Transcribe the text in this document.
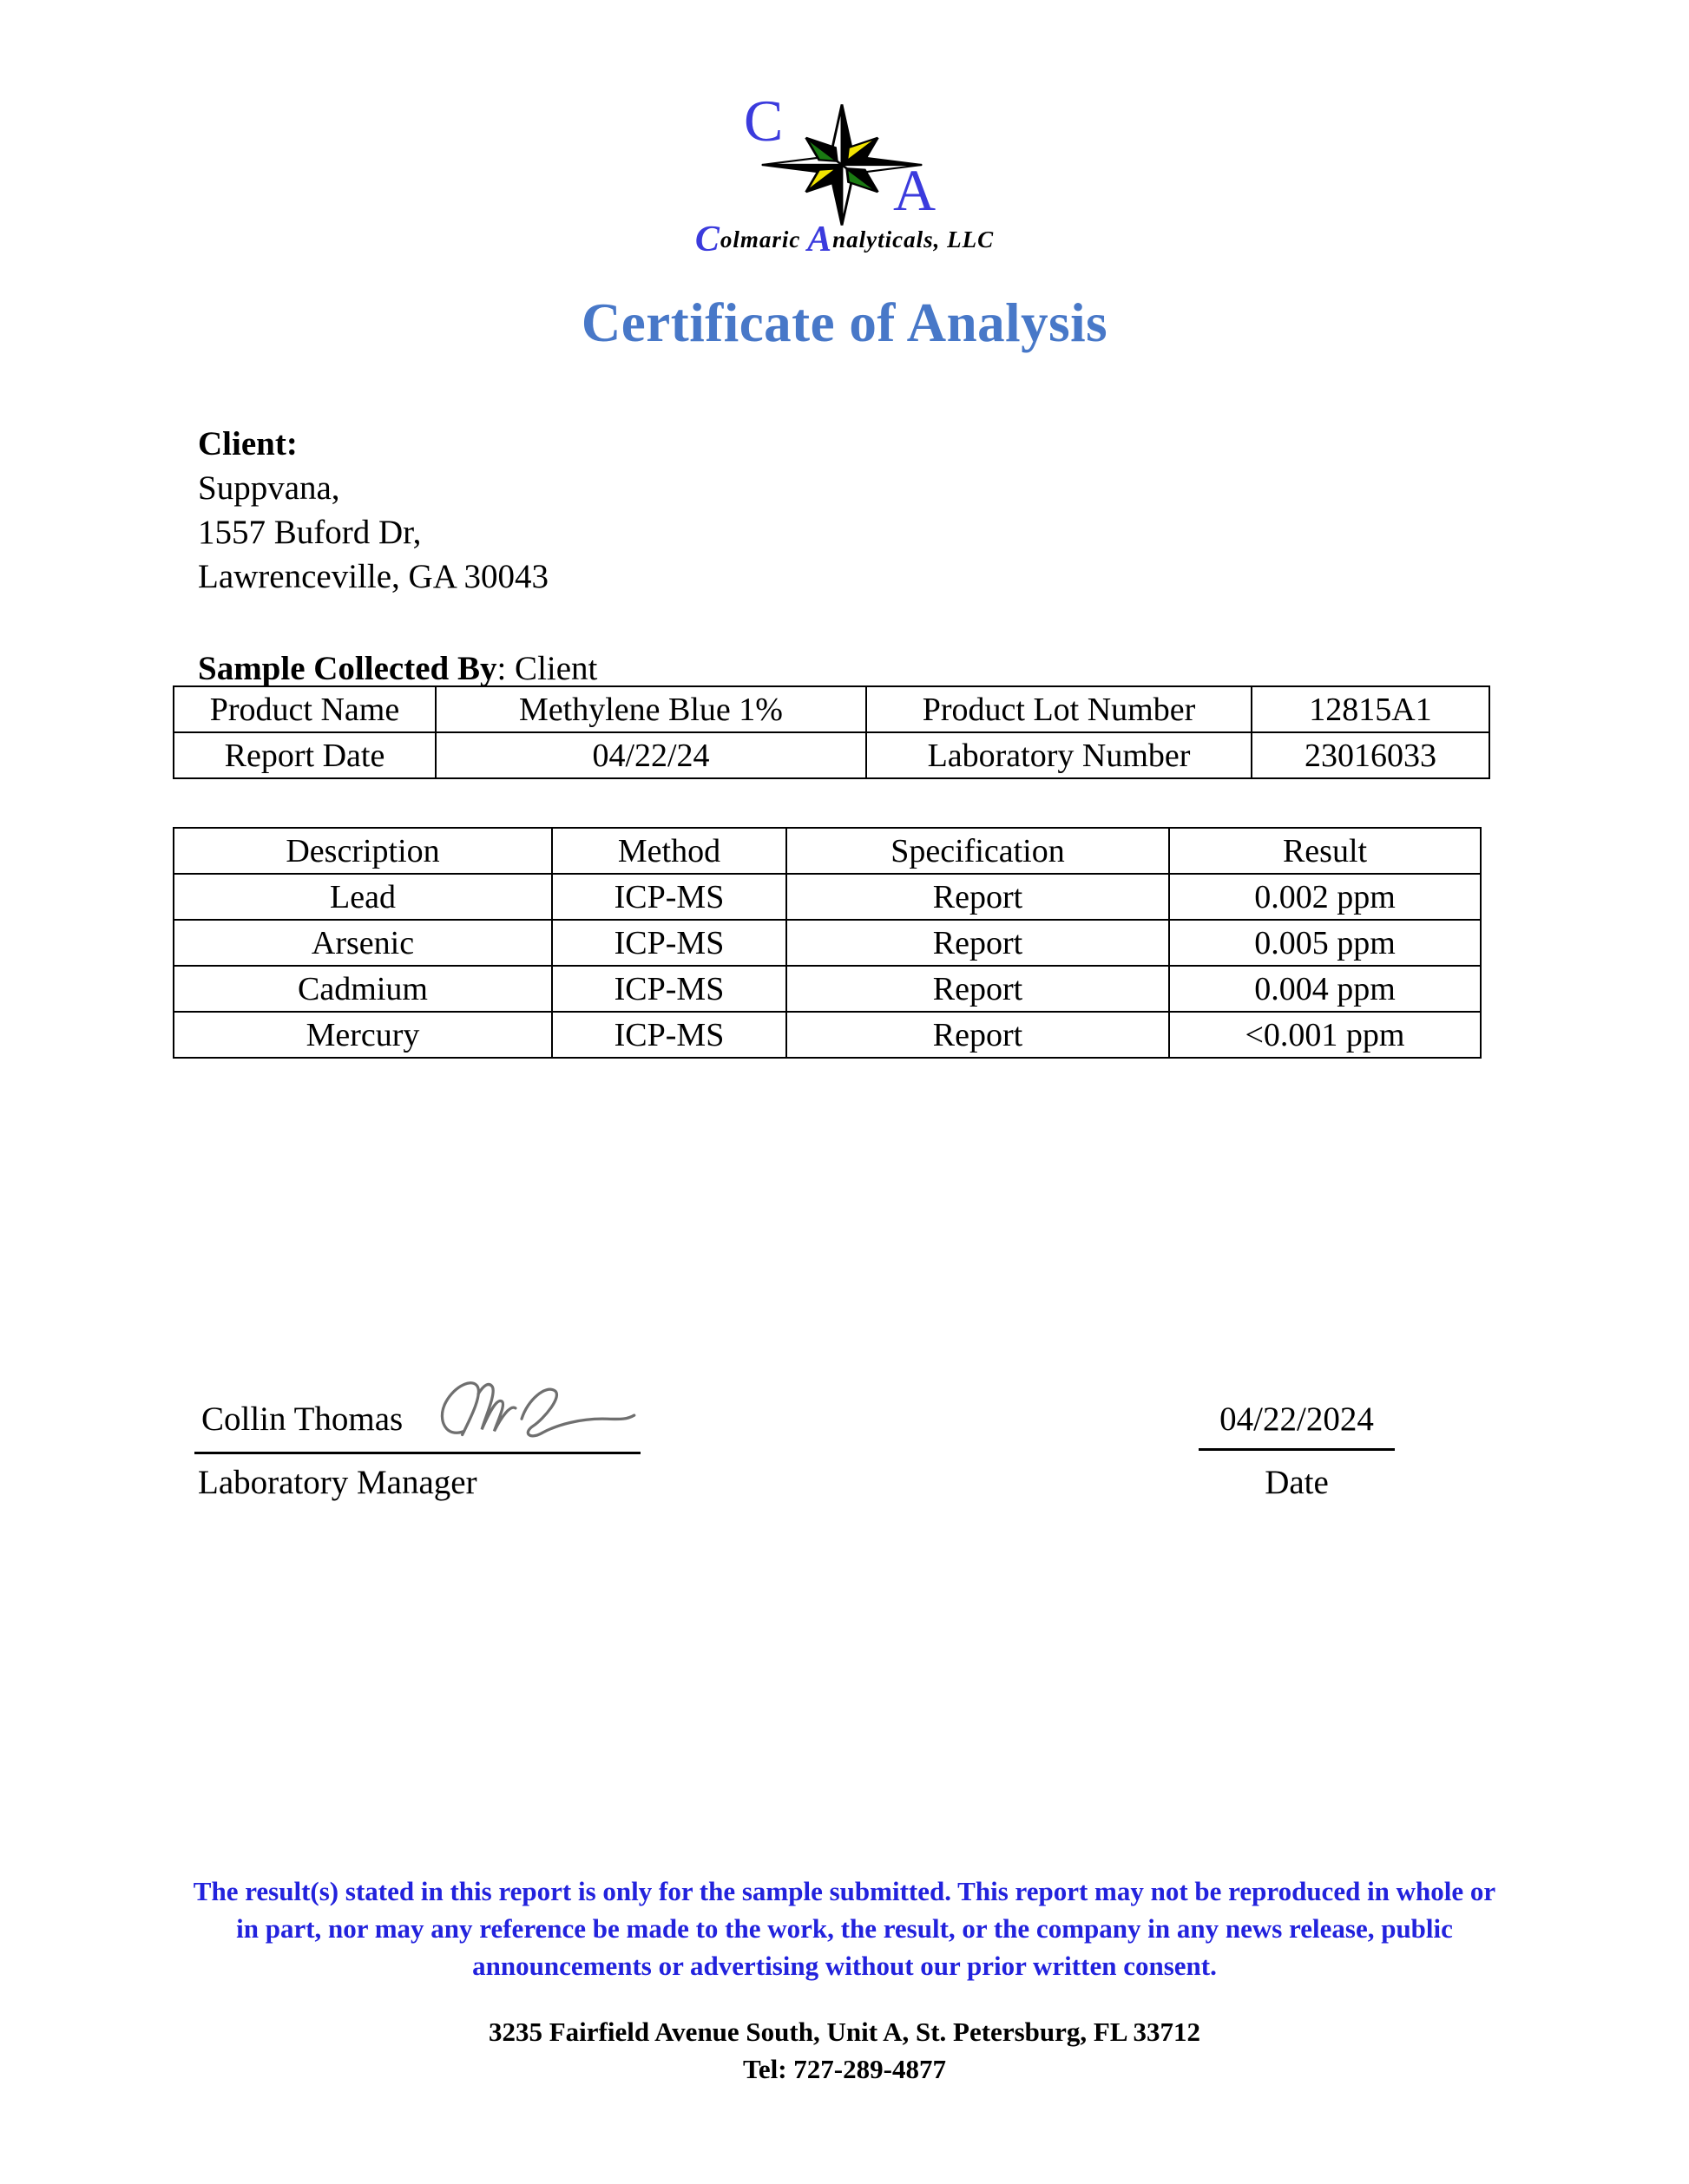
C
A
Colmaric Analyticals, LLC
Certificate of Analysis
Client:
Suppvana,
1557 Buford Dr,
Lawrenceville, GA 30043
Sample Collected By: Client
Product Name	Methylene Blue 1%	Product Lot Number	12815A1
Report Date	04/22/24	Laboratory Number	23016033
Description	Method	Specification	Result
Lead	ICP-MS	Report	0.002 ppm
Arsenic	ICP-MS	Report	0.005 ppm
Cadmium	ICP-MS	Report	0.004 ppm
Mercury	ICP-MS	Report	<0.001 ppm
Collin Thomas
Laboratory Manager
04/22/2024
Date
The result(s) stated in this report is only for the sample submitted. This report may not be reproduced in whole or in part, nor may any reference be made to the work, the result, or the company in any news release, public announcements or advertising without our prior written consent.
3235 Fairfield Avenue South, Unit A, St. Petersburg, FL 33712
Tel: 727-289-4877
